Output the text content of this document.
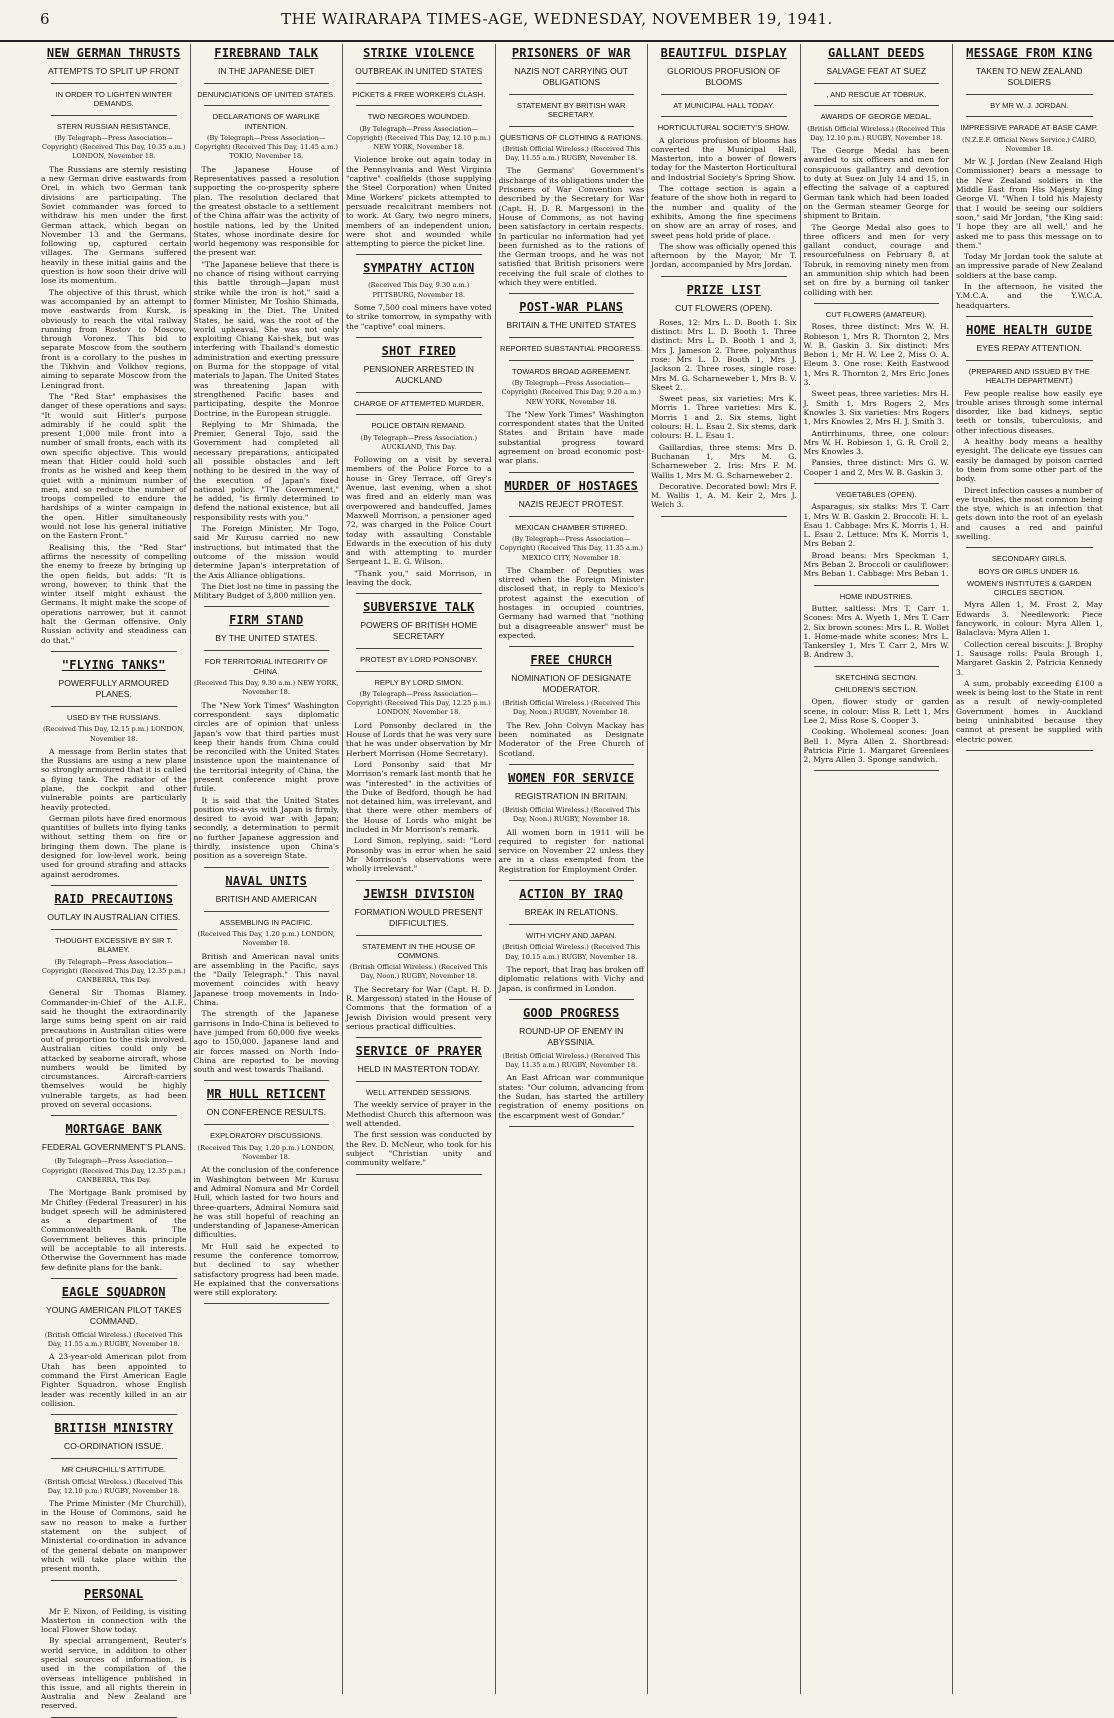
6	THE WAIRARAPA TIMES-AGE, WEDNESDAY, NOVEMBER 19, 1941.
NEW GERMAN THRUSTS
ATTEMPTS TO SPLIT UP FRONT
IN ORDER TO LIGHTEN WINTER DEMANDS.
STERN RUSSIAN RESISTANCE.
(By Telegraph—Press Association—Copyright) (Received This Day, 10.35 a.m.) LONDON, November 18.
The Russians are sternly resisting a new German drive eastwards from Orel, in which two German tank divisions are participating. The Soviet commander was forced to withdraw his men under the first German attack, which began on November 13 and the Germans, following up, captured certain villages. The Germans suffered heavily in these initial gains and the question is how soon their drive will lose its momentum.
The objective of this thrust, which was accompanied by an attempt to move eastwards from Kursk, is obviously to reach the vital railway running from Rostov to Moscow, through Voronez. This bid to separate Moscow from the southern front is a corollary to the pushes in the Tikhvin and Volkhov regions, aiming to separate Moscow from the Leningrad front.
The "Red Star" emphasises the danger of these operations and says: "It would suit Hitler's purpose admirably if he could split the present 1,000 mile front into a number of small fronts, each with its own specific objective. This would mean that Hitler could hold such fronts as he wished and keep them quiet with a minimum number of men, and so reduce the number of troops compelled to endure the hardships of a winter campaign in the open. Hitler simultaneously would not lose his general initiative on the Eastern Front."
Realising this, the "Red Star" affirms the necessity of compelling the enemy to freeze by bringing up the open fields, but adds: "It is wrong, however, to think that the winter itself might exhaust the Germans. It might make the scope of operations narrower, but it cannot halt the German offensive. Only Russian activity and steadiness can do that."
"FLYING TANKS"
POWERFULLY ARMOURED PLANES.
USED BY THE RUSSIANS.
(Received This Day, 12.15 p.m.) LONDON, November 18.
A message from Berlin states that the Russians are using a new plane so strongly armoured that it is called a flying tank. The radiator of the plane, the cockpit and other vulnerable points are particularly heavily protected.
German pilots have fired enormous quantities of bullets into flying tanks without setting them on fire or bringing them down. The plane is designed for low-level work, being used for ground strafing and attacks against aerodromes.
RAID PRECAUTIONS
OUTLAY IN AUSTRALIAN CITIES.
THOUGHT EXCESSIVE BY SIR T. BLAMEY.
(By Telegraph—Press Association—Copyright) (Received This Day, 12.35 p.m.) CANBERRA, This Day.
General Sir Thomas Blamey, Commander-in-Chief of the A.I.F., said he thought the extraordinarily large sums being spent on air raid precautions in Australian cities were out of proportion to the risk involved. Australian cities could only be attacked by seaborne aircraft, whose numbers would be limited by circumstances. Aircraft-carriers themselves would be highly vulnerable targets, as had been proved on several occasions.
MORTGAGE BANK
FEDERAL GOVERNMENT'S PLANS.
(By Telegraph—Press Association—Copyright) (Received This Day, 12.35 p.m.) CANBERRA, This Day.
The Mortgage Bank promised by Mr Chifley (Federal Treasurer) in his budget speech will be administered as a department of the Commonwealth Bank. The Government believes this principle will be acceptable to all interests. Otherwise the Government has made few definite plans for the bank.
EAGLE SQUADRON
YOUNG AMERICAN PILOT TAKES COMMAND.
(British Official Wireless.) (Received This Day, 11.55 a.m.) RUGBY, November 18.
A 23-year-old American pilot from Utah has been appointed to command the First American Eagle Fighter Squadron, whose English leader was recently killed in an air collision.
BRITISH MINISTRY
CO-ORDINATION ISSUE.
MR CHURCHILL'S ATTITUDE.
(British Official Wireless.) (Received This Day, 12.10 p.m.) RUGBY, November 18.
The Prime Minister (Mr Churchill), in the House of Commons, said he saw no reason to make a further statement on the subject of Ministerial co-ordination in advance of the general debate on manpower which will take place within the present month.
PERSONAL
Mr F. Nixon, of Feilding, is visiting Masterton in connection with the local Flower Show today.
By special arrangement, Reuter's world service, in addition to other special sources of information, is used in the compilation of the overseas intelligence published in this issue, and all rights therein in Australia and New Zealand are reserved.
FIREBRAND TALK
IN THE JAPANESE DIET
DENUNCIATIONS OF UNITED STATES.
DECLARATIONS OF WARLIKE INTENTION.
(By Telegraph—Press Association—Copyright) (Received This Day, 11.45 a.m.) TOKIO, November 18.
The Japanese House of Representatives passed a resolution supporting the co-prosperity sphere plan. The resolution declared that the greatest obstacle to a settlement of the China affair was the activity of hostile nations, led by the United States, whose inordinate desire for world hegemony was responsible for the present war.
"The Japanese believe that there is no chance of rising without carrying this battle through—Japan must strike while the iron is hot," said a former Minister, Mr Toshio Shimada, speaking in the Diet. The United States, he said, was the root of the world upheaval. She was not only exploiting Chiang Kai-shek, but was interfering with Thailand's domestic administration and exerting pressure on Burma for the stoppage of vital materials to Japan. The United States was threatening Japan with strengthened Pacific bases and participating, despite the Monroe Doctrine, in the European struggle.
Replying to Mr Shimada, the Premier, General Tojo, said the Government had completed all necessary preparations, anticipated all possible obstacles and left nothing to be desired in the way of the execution of Japan's fixed national policy. "The Government," he added, "is firmly determined to defend the national existence, but all responsibility rests with you."
The Foreign Minister, Mr Togo, said Mr Kurusu carried no new instructions, but intimated that the outcome of the mission would determine Japan's interpretation of the Axis Alliance obligations.
The Diet lost no time in passing the Military Budget of 3,800 million yen.
FIRM STAND
BY THE UNITED STATES.
FOR TERRITORIAL INTEGRITY OF CHINA.
(Received This Day, 9.30 a.m.) NEW YORK, November 18.
The "New York Times" Washington correspondent says diplomatic circles are of opinion that unless Japan's vow that third parties must keep their hands from China could be reconciled with the United States insistence upon the maintenance of the territorial integrity of China, the present conference might prove futile.
It is said that the United States position vis-a-vis with Japan is firmly, desired to avoid war with Japan; secondly, a determination to permit no further Japanese aggression and thirdly, insistence upon China's position as a sovereign State.
NAVAL UNITS
BRITISH AND AMERICAN
ASSEMBLING IN PACIFIC.
(Received This Day, 1.20 p.m.) LONDON, November 18.
British and American naval units are assembling in the Pacific, says the "Daily Telegraph." This naval movement coincides with heavy Japanese troop movements in Indo-China.
The strength of the Japanese garrisons in Indo-China is believed to have jumped from 60,000 five weeks ago to 150,000. Japanese land and air forces massed on North Indo-China are reported to be moving south and west towards Thailand.
MR HULL RETICENT
ON CONFERENCE RESULTS.
EXPLORATORY DISCUSSIONS.
(Received This Day, 1.20 p.m.) LONDON, November 18.
At the conclusion of the conference in Washington between Mr Kurusu and Admiral Nomura and Mr Cordell Hull, which lasted for two hours and three-quarters, Admiral Nomura said he was still hopeful of reaching an understanding of Japanese-American difficulties.
Mr Hull said he expected to resume the conference tomorrow, but declined to say whether satisfactory progress had been made. He explained that the conversations were still exploratory.
STRIKE VIOLENCE
OUTBREAK IN UNITED STATES
PICKETS & FREE WORKERS CLASH.
TWO NEGROES WOUNDED.
(By Telegraph—Press Association—Copyright) (Received This Day, 12.10 p.m.) NEW YORK, November 18.
Violence broke out again today in the Pennsylvania and West Virginia "captive" coalfields (those supplying the Steel Corporation) when United Mine Workers' pickets attempted to persuade recalcitrant members not to work. At Gary, two negro miners, members of an independent union, were shot and wounded while attempting to pierce the picket line.
SYMPATHY ACTION
(Received This Day, 9.30 a.m.) PITTSBURG, November 18.
Some 7,500 coal miners have voted to strike tomorrow, in sympathy with the "captive" coal miners.
SHOT FIRED
PENSIONER ARRESTED IN AUCKLAND
CHARGE OF ATTEMPTED MURDER.
POLICE OBTAIN REMAND.
(By Telegraph—Press Association.) AUCKLAND, This Day.
Following on a visit by several members of the Police Force to a house in Grey Terrace, off Grey's Avenue, last evening, when a shot was fired and an elderly man was overpowered and handcuffed, James Maxwell Morrison, a pensioner aged 72, was charged in the Police Court today with assaulting Constable Edwards in the execution of his duty and with attempting to murder Sergeant L. E. G. Wilson.
"Thank you," said Morrison, in leaving the dock.
SUBVERSIVE TALK
POWERS OF BRITISH HOME SECRETARY
PROTEST BY LORD PONSONBY.
REPLY BY LORD SIMON.
(By Telegraph—Press Association—Copyright) (Received This Day, 12.25 p.m.) LONDON, November 18.
Lord Ponsonby declared in the House of Lords that he was very sure that he was under observation by Mr Herbert Morrison (Home Secretary).
Lord Ponsonby said that Mr Morrison's remark last month that he was "interested" in the activities of the Duke of Bedford, though he had not detained him, was irrelevant, and that there were other members of the House of Lords who might be included in Mr Morrison's remark.
Lord Simon, replying, said: "Lord Ponsonby was in error when he said Mr Morrison's observations were wholly irrelevant."
JEWISH DIVISION
FORMATION WOULD PRESENT DIFFICULTIES.
STATEMENT IN THE HOUSE OF COMMONS.
(British Official Wireless.) (Received This Day, Noon.) RUGBY, November 18.
The Secretary for War (Capt. H. D. R. Margesson) stated in the House of Commons that the formation of a Jewish Division would present very serious practical difficulties.
SERVICE OF PRAYER
HELD IN MASTERTON TODAY.
WELL ATTENDED SESSIONS.
The weekly service of prayer in the Methodist Church this afternoon was well attended.
The first session was conducted by the Rev. D. McNeur, who took for his subject "Christian unity and community welfare."
PRISONERS OF WAR
NAZIS NOT CARRYING OUT OBLIGATIONS
STATEMENT BY BRITISH WAR SECRETARY.
QUESTIONS OF CLOTHING & RATIONS.
(British Official Wireless.) (Received This Day, 11.55 a.m.) RUGBY, November 18.
The Germans' Government's discharge of its obligations under the Prisoners of War Convention was described by the Secretary for War (Capt. H. D. R. Margesson) in the House of Commons, as not having been satisfactory in certain respects. In particular no information had yet been furnished as to the rations of the German troops, and he was not satisfied that British prisoners were receiving the full scale of clothes to which they were entitled.
POST-WAR PLANS
BRITAIN & THE UNITED STATES
REPORTED SUBSTANTIAL PROGRESS.
TOWARDS BROAD AGREEMENT.
(By Telegraph—Press Association—Copyright) (Received This Day, 9.20 a.m.) NEW YORK, November 18.
The "New York Times" Washington correspondent states that the United States and Britain have made substantial progress toward agreement on broad economic post-war plans.
MURDER OF HOSTAGES
NAZIS REJECT PROTEST.
MEXICAN CHAMBER STIRRED.
(By Telegraph—Press Association—Copyright) (Received This Day, 11.35 a.m.) MEXICO CITY, November 18.
The Chamber of Deputies was stirred when the Foreign Minister disclosed that, in reply to Mexico's protest against the execution of hostages in occupied countries, Germany had warned that "nothing but a disagreeable answer" must be expected.
FREE CHURCH
NOMINATION OF DESIGNATE MODERATOR.
(British Official Wireless.) (Received This Day, Noon.) RUGBY, November 18.
The Rev. John Colvyn Mackay has been nominated as Designate Moderator of the Free Church of Scotland.
WOMEN FOR SERVICE
REGISTRATION IN BRITAIN.
(British Official Wireless.) (Received This Day, Noon.) RUGBY, November 18.
All women born in 1911 will be required to register for national service on November 22 unless they are in a class exempted from the Registration for Employment Order.
ACTION BY IRAQ
BREAK IN RELATIONS.
WITH VICHY AND JAPAN.
(British Official Wireless.) (Received This Day, 10.15 a.m.) RUGBY, November 18.
The report, that Iraq has broken off diplomatic relations with Vichy and Japan, is confirmed in London.
GOOD PROGRESS
ROUND-UP OF ENEMY IN ABYSSINIA.
(British Official Wireless.) (Received This Day, 11.35 a.m.) RUGBY, November 18.
An East African war communique states: "Our column, advancing from the Sudan, has started the artillery registration of enemy positions on the escarpment west of Gondar."
BEAUTIFUL DISPLAY
GLORIOUS PROFUSION OF BLOOMS
AT MUNICIPAL HALL TODAY.
HORTICULTURAL SOCIETY'S SHOW.
A glorious profusion of blooms has converted the Municipal Hall, Masterton, into a bower of flowers today for the Masterton Horticultural and Industrial Society's Spring Show.
The cottage section is again a feature of the show both in regard to the number and quality of the exhibits. Among the fine specimens on show are an array of roses, and sweet peas hold pride of place.
The show was officially opened this afternoon by the Mayor, Mr T. Jordan, accompanied by Mrs Jordan.
PRIZE LIST
CUT FLOWERS (OPEN).
Roses, 12: Mrs L. D. Booth 1. Six distinct: Mrs L. D. Booth 1. Three distinct: Mrs L. D. Booth 1 and 3, Mrs J. Jameson 2. Three, polyanthus rose: Mrs L. D. Booth 1, Mrs J. Jackson 2. Three roses, single rose: Mrs M. G. Scharneweber 1, Mrs B. V. Skeet 2.
Sweet peas, six varieties: Mrs K. Morris 1. Three varieties: Mrs K. Morris 1 and 2. Six stems, light colours: H. L. Esau 2. Six stems, dark colours: H. L. Esau 1.
Gaillardias, three stems: Mrs D. Buchanan 1, Mrs M. G. Scharneweber 2. Iris: Mrs F. M. Wallis 1, Mrs M. G. Scharneweber 2.
Decorative. Decorated bowl: Mrs F. M. Wallis 1, A. M. Keir 2, Mrs J. Welch 3.
GALLANT DEEDS
SALVAGE FEAT AT SUEZ
, AND RESCUE AT TOBRUK.
AWARDS OF GEORGE MEDAL.
(British Official Wireless.) (Received This Day, 12.10 p.m.) RUGBY, November 18.
The George Medal has been awarded to six officers and men for conspicuous gallantry and devotion to duty at Suez on July 14 and 15, in effecting the salvage of a captured German tank which had been loaded on the German steamer George for shipment to Britain.
The George Medal also goes to three officers and men for very gallant conduct, courage and resourcefulness on February 8, at Tobruk, in removing ninety men from an ammunition ship which had been set on fire by a burning oil tanker colliding with her.
CUT FLOWERS (AMATEUR).
Roses, three distinct: Mrs W. H. Robieson 1, Mrs R. Thornton 2, Mrs W. B. Gaskin 3. Six distinct: Mrs Bebon 1, Mr H. W. Lee 2, Miss O. A. Eleum 3. One rose: Keith Eastwood 1, Mrs R. Thornton 2, Mrs Eric Jones 3.
Sweet peas, three varieties: Mrs H. J. Smith 1, Mrs Rogers 2, Mrs Knowles 3. Six varieties: Mrs Rogers 1, Mrs Knowles 2, Mrs H. J. Smith 3.
Antirrhinums, three, one colour: Mrs W. H. Robieson 1, G. R. Croll 2, Mrs Knowles 3.
Pansies, three distinct: Mrs G. W. Cooper 1 and 2, Mrs W. B. Gaskin 3.
VEGETABLES (OPEN).
Asparagus, six stalks: Mrs T. Carr 1, Mrs W. B. Gaskin 2. Broccoli: H. L. Esau 1. Cabbage: Mrs K. Morris 1, H. L. Esau 2. Lettuce: Mrs K. Morris 1, Mrs Beban 2.
Broad beans: Mrs Speckman 1, Mrs Beban 2. Broccoli or cauliflower: Mrs Beban 1. Cabbage: Mrs Beban 1.
HOME INDUSTRIES.
Butter, saltless: Mrs T. Carr 1. Scones: Mrs A. Wyeth 1, Mrs T. Carr 2. Six brown scones: Mrs L. R. Wollet 1. Home-made white scones: Mrs L. Tankersley 1, Mrs T. Carr 2, Mrs W. B. Andrew 3.
SKETCHING SECTION.
CHILDREN'S SECTION.
Open, flower study or garden scene, in colour: Miss R. Lett 1, Mrs Lee 2, Miss Rose S. Cooper 3.
Cooking. Wholemeal scones: Joan Bell 1. Myra Allen 2. Shortbread: Patricia Pirie 1. Margaret Greenlees 2, Myra Allen 3. Sponge sandwich.
MESSAGE FROM KING
TAKEN TO NEW ZEALAND SOLDIERS
BY MR W. J. JORDAN.
IMPRESSIVE PARADE AT BASE CAMP.
(N.Z.E.F. Official News Service.) CAIRO, November 18.
Mr W. J. Jordan (New Zealand High Commissioner) bears a message to the New Zealand soldiers in the Middle East from His Majesty King George VI. "When I told his Majesty that I would be seeing our soldiers soon," said Mr Jordan, "the King said: 'I hope they are all well,' and he asked me to pass this message on to them."
Today Mr Jordan took the salute at an impressive parade of New Zealand soldiers at the base camp.
In the afternoon, he visited the Y.M.C.A. and the Y.W.C.A. headquarters.
HOME HEALTH GUIDE
EYES REPAY ATTENTION.
(PREPARED AND ISSUED BY THE HEALTH DEPARTMENT.)
Few people realise how easily eye trouble arises through some internal disorder, like bad kidneys, septic teeth or tonsils, tuberculosis, and other infectious diseases.
A healthy body means a healthy eyesight. The delicate eye tissues can easily be damaged by poison carried to them from some other part of the body.
Direct infection causes a number of eye troubles, the most common being the stye, which is an infection that gets down into the root of an eyelash and causes a red and painful swelling.
SECONDARY GIRLS.
BOYS OR GIRLS UNDER 16.
WOMEN'S INSTITUTES & GARDEN CIRCLES SECTION.
Myra Allen 1, M. Frost 2, May Edwards 3. Needlework: Piece fancywork, in colour: Myra Allen 1, Balaclava: Myra Allen 1.
Collection cereal biscuits: J. Brophy 1. Sausage rolls: Paula Brough 1, Margaret Gaskin 2, Patricia Kennedy 3.
A sum, probably exceeding £100 a week is being lost to the State in rent as a result of newly-completed Government homes in Auckland being uninhabited because they cannot at present be supplied with electric power.
